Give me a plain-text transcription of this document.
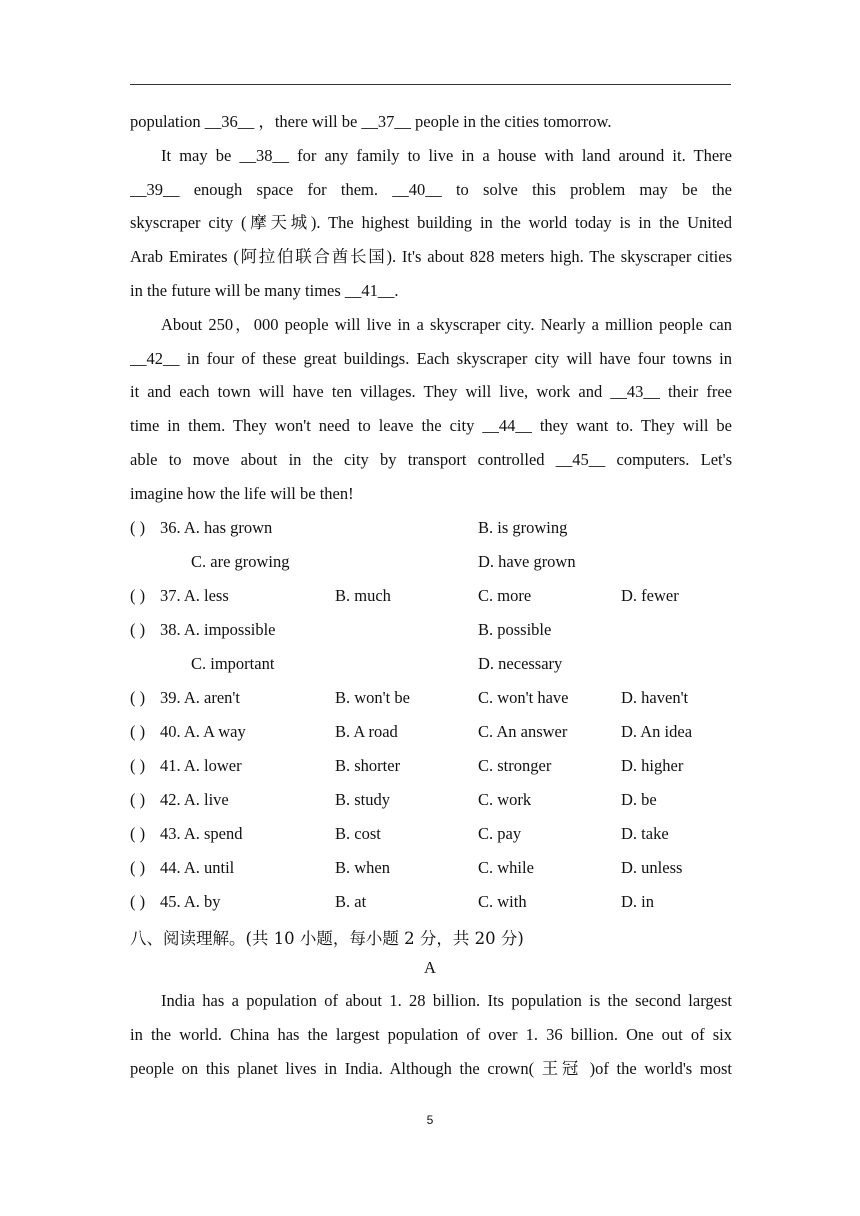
population __36__ ，there will be __37__ people in the cities tomorrow.
It may be __38__ for any family to live in a house with land around it. There
__39__ enough space for them. __40__ to solve this problem may be the
skyscraper city (摩天城). The highest building in the world today is in the United
Arab Emirates (阿拉伯联合酋长国). It's about 828 meters high. The skyscraper cities
in the future will be many times __41__.
About 250，000 people will live in a skyscraper city. Nearly a million people can
__42__ in four of these great buildings. Each skyscraper city will have four towns in
it and each town will have ten villages. They will live, work and __43__ their free
time in them. They won't need to leave the city __44__ they want to. They will be
able to move about in the city by transport controlled __45__ computers. Let's
imagine how the life will be then!
( ) 36. A. has grown	B. is growing
C. are growing	D. have grown
( ) 37. A. less	B. much	C. more	D. fewer
( ) 38. A. impossible	B. possible
C. important	D. necessary
( ) 39. A. aren't	B. won't be	C. won't have	D. haven't
( ) 40. A. A way	B. A road	C. An answer	D. An idea
( ) 41. A. lower	B. shorter	C. stronger	D. higher
( ) 42. A. live	B. study	C. work	D. be
( ) 43. A. spend	B. cost	C. pay	D. take
( ) 44. A. until	B. when	C. while	D. unless
( ) 45. A. by	B. at	C. with	D. in
八、阅读理解。(共 10 小题，每小题 2 分，共 20 分)
A
India has a population of about 1. 28 billion. Its population is the second largest
in the world. China has the largest population of over 1. 36 billion. One out of six
people on this planet lives in India. Although the crown( 王冠 )of the world's most
5
